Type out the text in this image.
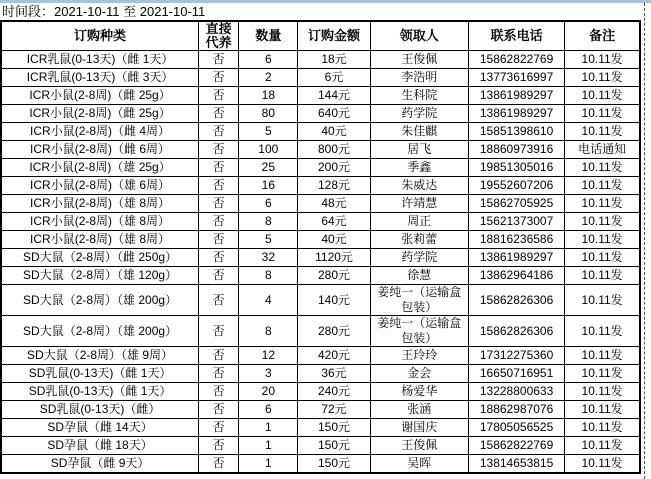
时间段：2021-10-11 至 2021-10-11
订购种类	直接代养	数量	订购金额	领取人	联系电话	备注
ICR乳鼠(0-13天)（雌 1天）	否	6	18元	王俊佩	15862822769	10.11发
ICR乳鼠(0-13天)（雌 3天）	否	2	6元	李浩明	13773616997	10.11发
ICR小鼠(2-8周)（雌 25g）	否	18	144元	生科院	13861989297	10.11发
ICR小鼠(2-8周)（雌 25g）	否	80	640元	药学院	13861989297	10.11发
ICR小鼠(2-8周)（雌 4周）	否	5	40元	朱佳麒	15851398610	10.11发
ICR小鼠(2-8周)（雌 6周）	否	100	800元	居飞	18860973916	电话通知
ICR小鼠(2-8周)（雄 25g）	否	25	200元	季鑫	19851305016	10.11发
ICR小鼠(2-8周)（雄 6周）	否	16	128元	朱威达	19552607206	10.11发
ICR小鼠(2-8周)（雄 8周）	否	6	48元	许靖慧	15862705925	10.11发
ICR小鼠(2-8周)（雄 8周）	否	8	64元	周正	15621373007	10.11发
ICR小鼠(2-8周)（雄 8周）	否	5	40元	张莉蕾	18816236586	10.11发
SD大鼠（2-8周）（雌 250g）	否	32	1120元	药学院	13861989297	10.11发
SD大鼠（2-8周）（雄 120g）	否	8	280元	徐慧	13862964186	10.11发
SD大鼠（2-8周）（雄 200g）	否	4	140元	姜纯一（运输盒包装）	15862826306	10.11发
SD大鼠（2-8周）（雄 200g）	否	8	280元	姜纯一（运输盒包装）	15862826306	10.11发
SD大鼠（2-8周）（雄 9周）	否	12	420元	王玲玲	17312275360	10.11发
SD乳鼠(0-13天)（雌 1天）	否	3	36元	金会	16650716951	10.11发
SD乳鼠(0-13天)（雌 1天）	否	20	240元	杨爱华	13228800633	10.11发
SD乳鼠(0-13天)（雌）	否	6	72元	张涵	18862987076	10.11发
SD孕鼠（雌 14天）	否	1	150元	谢国庆	17805056525	10.11发
SD孕鼠（雌 18天）	否	1	150元	王俊佩	15862822769	10.11发
SD孕鼠（雌 9天）	否	1	150元	吴晖	13814653815	10.11发
